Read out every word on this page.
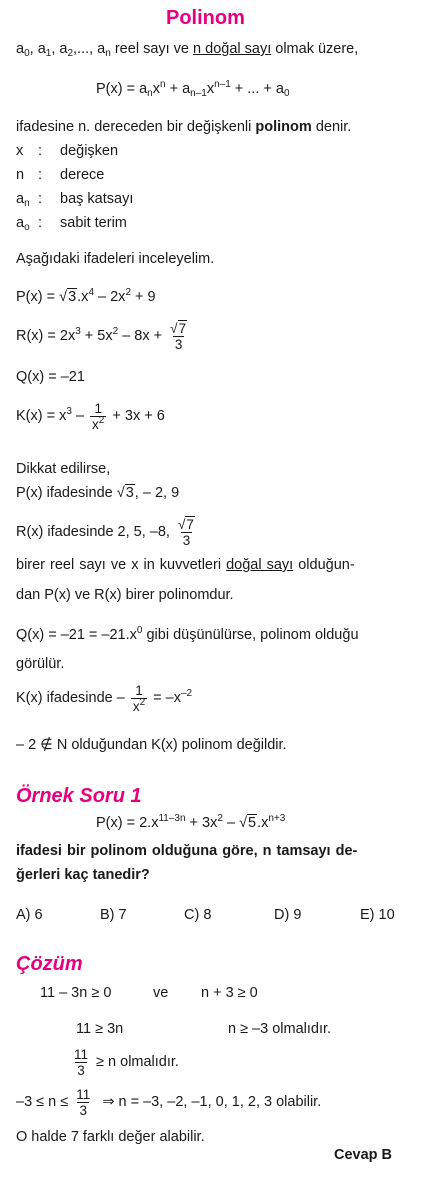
Polinom
$a_0$, $a_1$, $a_2$,..., $a_n$ reel sayı ve n doğal sayı olmak üzere,
$P(x) = a_nx^n + a_{n-1}x^{n-1}$ + ... + $a_0$
ifadesine n. dereceden bir değişkenli polinom denir.
x : değişken
n : derece
$a_n$ : baş katsayı
$a_o$ : sabit terim
Aşağıdaki ifadeleri inceleyelim.
$P(x) = √3.x^4 - 2x^2 + 9$
$R(x) = 2x^3 + 5x^2 - 8x + \frac{√7}{3}$
Q(x) = –21
$K(x) = x^3 - \frac{1}{x^2} + 3x + 6$
Dikkat edilirse,
P(x) ifadesinde √3, – 2, 9
R(x) ifadesinde 2, 5, –8, $\frac{√7}{3}$
birer reel sayı ve x in kuvvetleri doğal sayı olduğun-
dan P(x) ve R(x) birer polinomdur.
$Q(x) = -21 = -21.x^0$ gibi düşünülürse, polinom olduğu
görülür.
K(x) ifadesinde – $\frac{1}{x^2} = -x^{-2}$
– 2 ∉ N olduğundan K(x) polinom değildir.
Örnek Soru 1
$P(x) = 2.x^{11-3n} + 3x^2 - √5.x^{n+3}$
ifadesi bir polinom olduğuna göre, n tamsayı de-
ğerleri kaç tanedir?
A) 6	B) 7	C) 8	D) 9	E) 10
Çözüm
11 – 3n ≥ 0	ve n + 3 ≥ 0
11 ≥ 3n	n ≥ –3 olmalıdır.
$\frac{11}{3} \ge n$ olmalıdır.
$-3 \le n \le \frac{11}{3}$ ⇒ n = –3, –2, –1, 0, 1, 2, 3 olabilir.
O halde 7 farklı değer alabilir.
Cevap B
